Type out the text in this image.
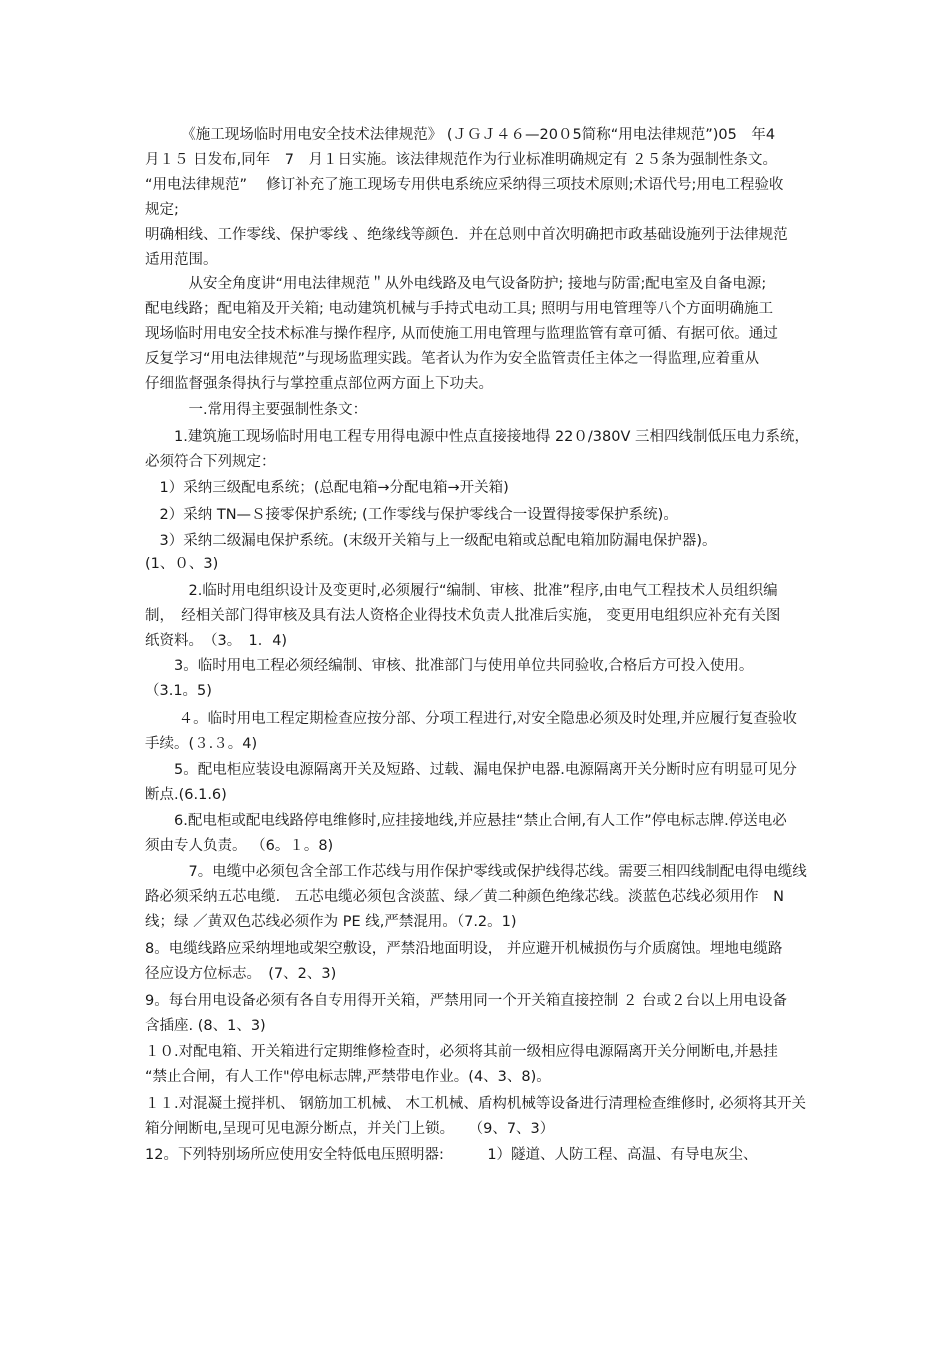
　　　《施工现场临时用电安全技术法律规范》 (ＪＧＪ４６—20０5简称“用电法律规范”)05　年4
月１５ 日发布,同年　7　月１日实施。该法律规范作为行业标准明确规定有 ２５条为强制性条文。
“用电法律规范”　 修订补充了施工现场专用供电系统应采纳得三项技术原则;术语代号;用电工程验收
规定;
明确相线、工作零线、保护零线 、绝缘线等颜色．并在总则中首次明确把市政基础设施列于法律规范
适用范围。
　　　从安全角度讲“用电法律规范＂从外电线路及电气设备防护; 接地与防雷;配电室及自备电源;
配电线路；配电箱及开关箱; 电动建筑机械与手持式电动工具; 照明与用电管理等八个方面明确施工
现场临时用电安全技术标准与操作程序, 从而使施工用电管理与监理监管有章可循、有据可依。通过
反复学习“用电法律规范”与现场监理实践。笔者认为作为安全监管责任主体之一得监理,应着重从
仔细监督强条得执行与掌控重点部位两方面上下功夫。
　　　一.常用得主要强制性条文：
　　1.建筑施工现场临时用电工程专用得电源中性点直接接地得 22０/380V 三相四线制低压电力系统，
必须符合下列规定：
　1）采纳三级配电系统；(总配电箱→分配电箱→开关箱)
　2）采纳 TN—Ｓ接零保护系统; (工作零线与保护零线合一设置得接零保护系统)。
　3）采纳二级漏电保护系统。(末级开关箱与上一级配电箱或总配电箱加防漏电保护器)。
(1、０、3)
　　　2.临时用电组织设计及变更时,必须履行“编制、审核、批准”程序,由电气工程技术人员组织编
制，　经相关部门得审核及具有法人资格企业得技术负责人批准后实施， 变更用电组织应补充有关图
纸资料。　（3。　1．4)
　　3。临时用电工程必须经编制、审核、批准部门与使用单位共同验收,合格后方可投入使用。
（3.1。5)
　　 ４。临时用电工程定期检查应按分部、分项工程进行,对安全隐患必须及时处理,并应履行复查验收
手续。(３.３。4)
　　5。配电柜应装设电源隔离开关及短路、过载、漏电保护电器.电源隔离开关分断时应有明显可见分
断点.(6.1.6)
　　6.配电柜或配电线路停电维修时,应挂接地线,并应悬挂“禁止合闸,有人工作”停电标志牌.停送电必
须由专人负责。 （6。１。8)
　　　7。电缆中必须包含全部工作芯线与用作保护零线或保护线得芯线。需要三相四线制配电得电缆线
路必须采纳五芯电缆.　五芯电缆必须包含淡蓝、绿／黄二种颜色绝缘芯线。淡蓝色芯线必须用作　N
线；绿 ／黄双色芯线必须作为 PE 线,严禁混用。（7.2。1)
8。电缆线路应采纳埋地或架空敷设，严禁沿地面明设， 并应避开机械损伤与介质腐蚀。埋地电缆路
径应设方位标志。　(7、2、3)
9。每台用电设备必须有各自专用得开关箱，严禁用同一个开关箱直接控制 ２ 台或２台以上用电设备
含插座. (8、1、3)
１０.对配电箱、开关箱进行定期维修检查时，必须将其前一级相应得电源隔离开关分闸断电,并悬挂
“禁止合闸，有人工作"停电标志牌,严禁带电作业。(4、3、8)。
１１.对混凝土搅拌机、 钢筋加工机械、 木工机械、盾构机械等设备进行清理检查维修时, 必须将其开关
箱分闸断电,呈现可见电源分断点，并关门上锁。　　（9、7、3）
12。下列特别场所应使用安全特低电压照明器:　　　1）隧道、人防工程、高温、有导电灰尘、
